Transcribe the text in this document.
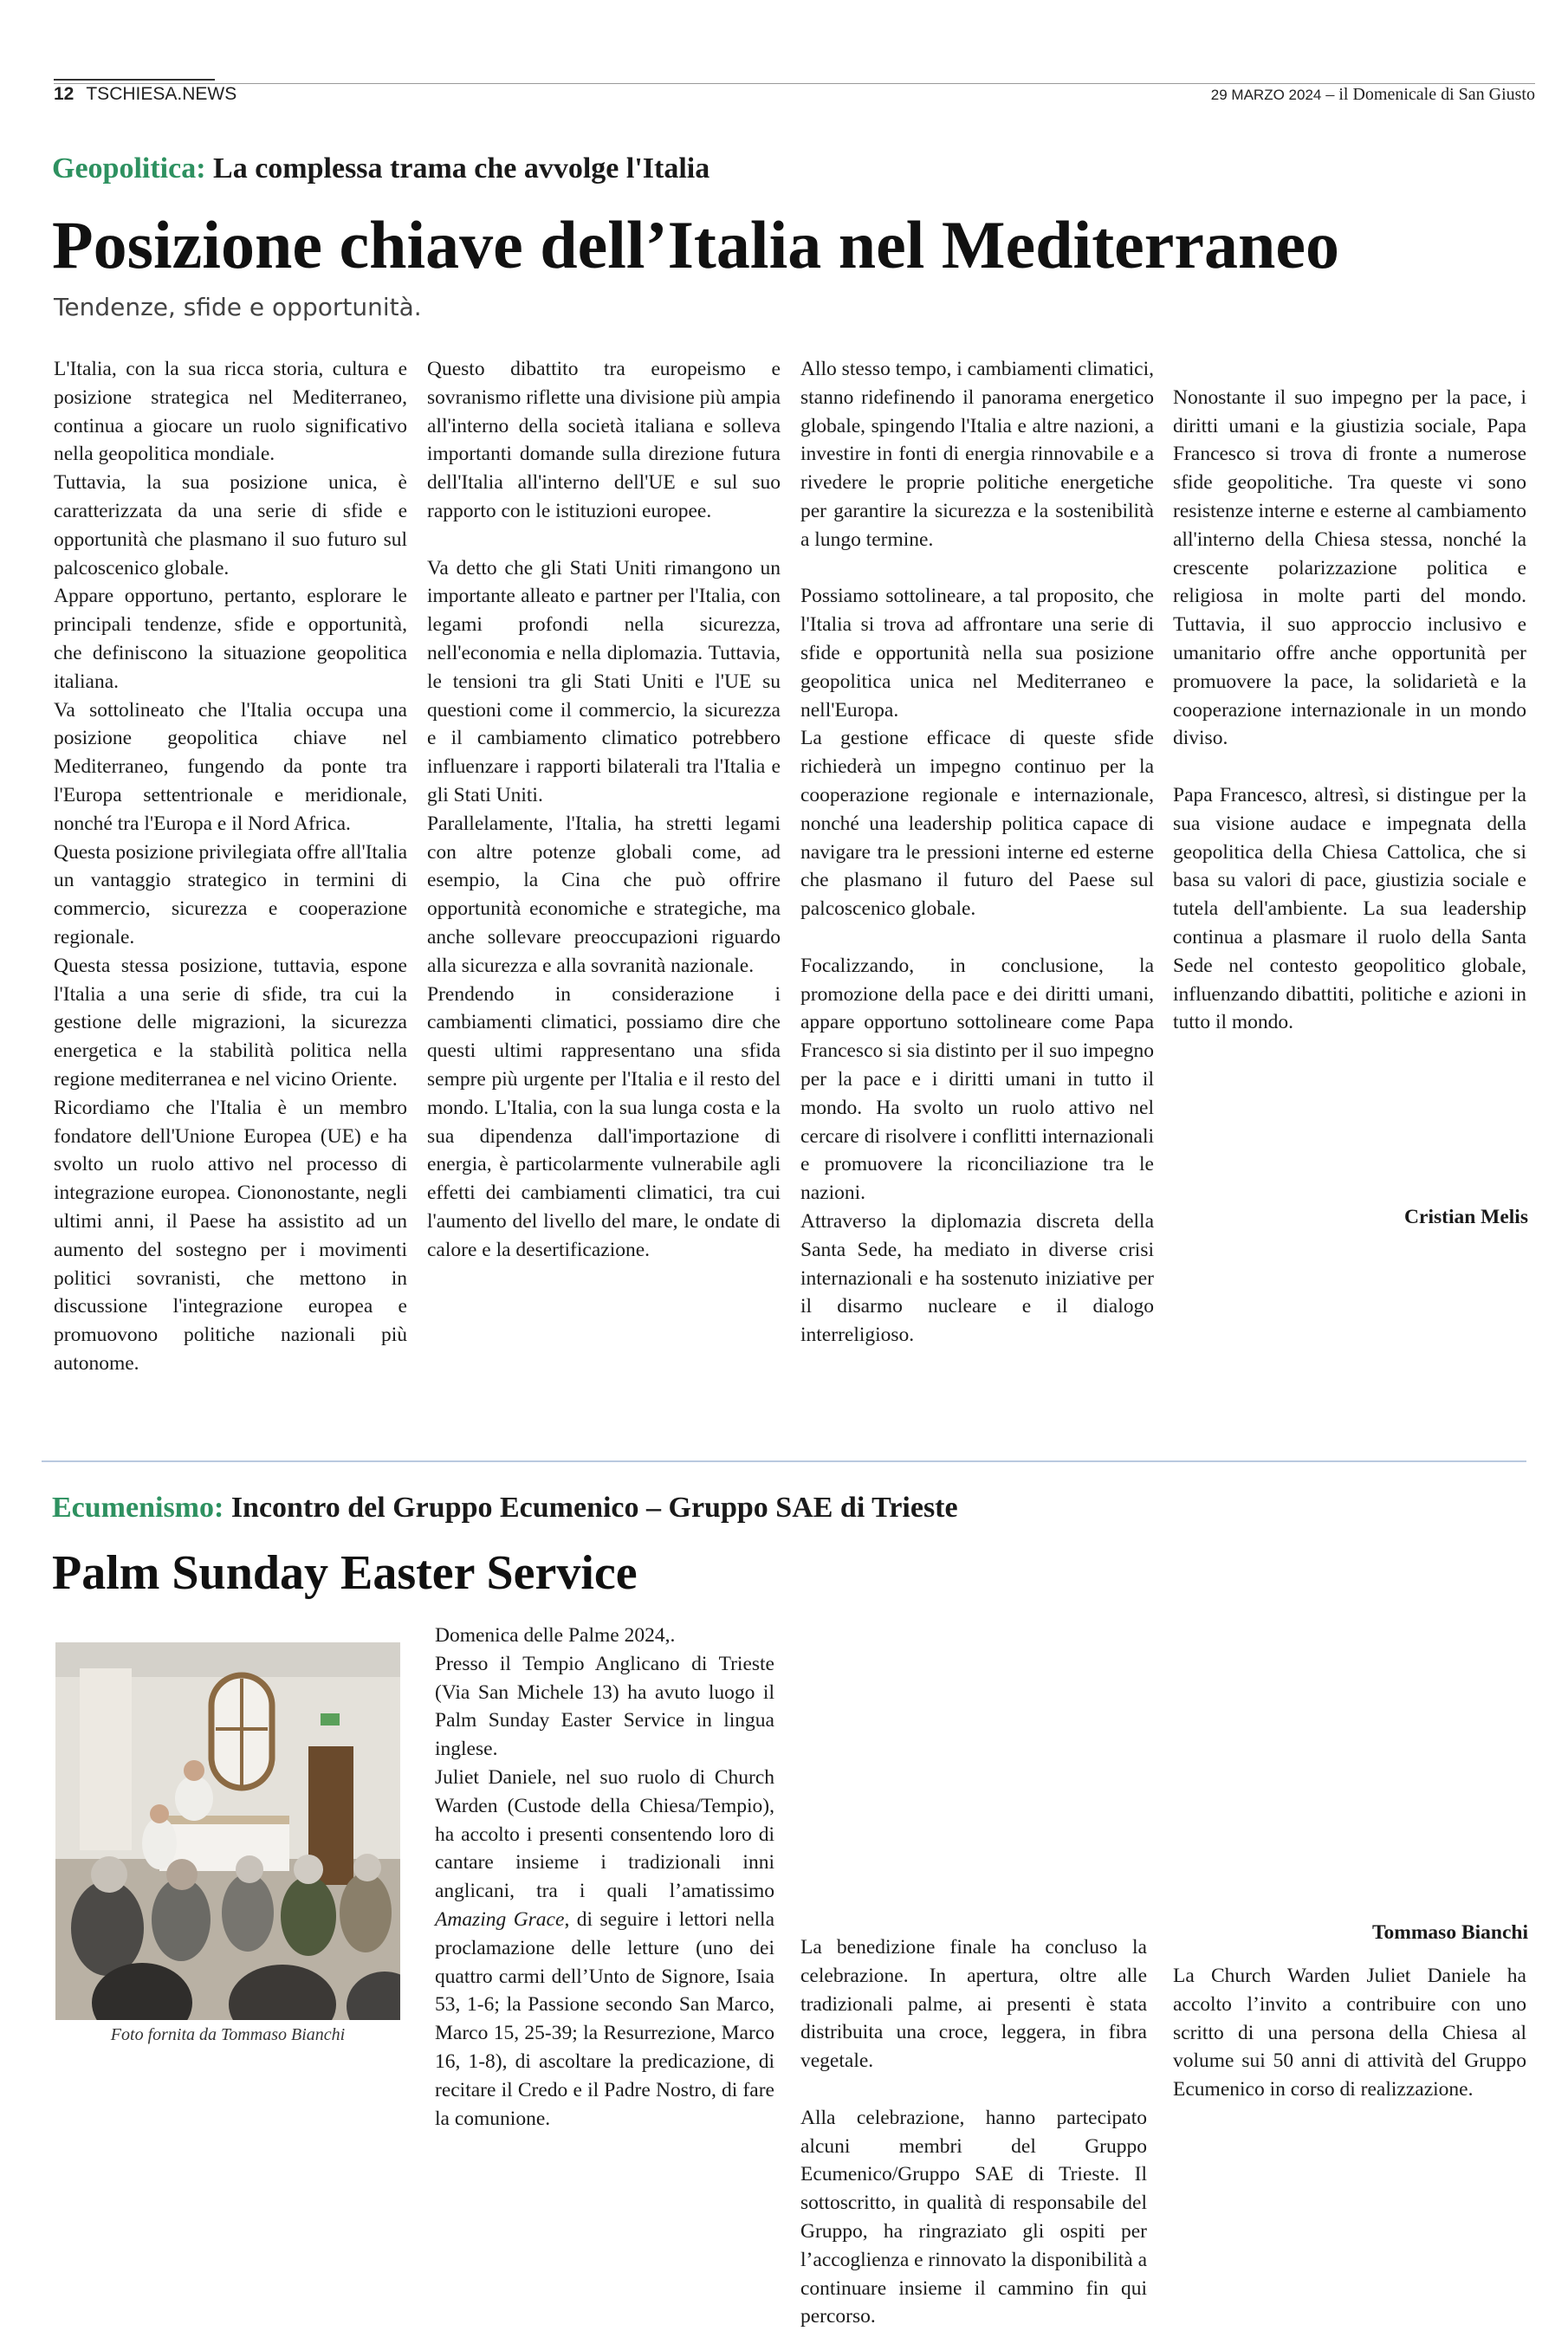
12 TSCHIESA.NEWS	29 MARZO 2024 – il Domenicale di San Giusto
Geopolitica: La complessa trama che avvolge l'Italia
Posizione chiave dell’Italia nel Mediterraneo
Tendenze, sfide e opportunità.

L'Italia, con la sua ricca storia, cultura e posizione strategica nel Mediterraneo, continua a giocare un ruolo significativo nella geopolitica mondiale.

Tuttavia, la sua posizione unica, è caratterizzata da una serie di sfide e opportunità che plasmano il suo futuro sul palcoscenico globale.

Appare opportuno, pertanto, esplorare le principali tendenze, sfide e opportunità, che definiscono la situazione geopolitica italiana.

Va sottolineato che l'Italia occupa una posizione geopolitica chiave nel Mediterraneo, fungendo da ponte tra l'Europa settentrionale e meridionale, nonché tra l'Europa e il Nord Africa.

Questa posizione privilegiata offre all'Italia un vantaggio strategico in termini di commercio, sicurezza e cooperazione regionale.

Questa stessa posizione, tuttavia, espone l'Italia a una serie di sfide, tra cui la gestione delle migrazioni, la sicurezza energetica e la stabilità politica nella regione mediterranea e nel vicino Oriente.

Ricordiamo che l'Italia è un membro fondatore dell'Unione Europea (UE) e ha svolto un ruolo attivo nel processo di integrazione europea. Ciononostante, negli ultimi anni, il Paese ha assistito ad un aumento del sostegno per i movimenti politici sovranisti, che mettono in discussione l'integrazione europea e promuovono politiche nazionali più autonome.

Questo dibattito tra europeismo e sovranismo riflette una divisione più ampia all'interno della società italiana e solleva importanti domande sulla direzione futura dell'Italia all'interno dell'UE e sul suo rapporto con le istituzioni europee.

Va detto che gli Stati Uniti rimangono un importante alleato e partner per l'Italia, con legami profondi nella sicurezza, nell'economia e nella diplomazia. Tuttavia, le tensioni tra gli Stati Uniti e l'UE su questioni come il commercio, la sicurezza e il cambiamento climatico potrebbero influenzare i rapporti bilaterali tra l'Italia e gli Stati Uniti.

Parallelamente, l'Italia, ha stretti legami con altre potenze globali come, ad esempio, la Cina che può offrire opportunità economiche e strategiche, ma anche sollevare preoccupazioni riguardo alla sicurezza e alla sovranità nazionale.

Prendendo in considerazione i cambiamenti climatici, possiamo dire che questi ultimi rappresentano una sfida sempre più urgente per l'Italia e il resto del mondo. L'Italia, con la sua lunga costa e la sua dipendenza dall'importazione di energia, è particolarmente vulnerabile agli effetti dei cambiamenti climatici, tra cui l'aumento del livello del mare, le ondate di calore e la desertificazione.

Allo stesso tempo, i cambiamenti climatici, stanno ridefinendo il panorama energetico globale, spingendo l'Italia e altre nazioni, a investire in fonti di energia rinnovabile e a rivedere le proprie politiche energetiche per garantire la sicurezza e la sostenibilità a lungo termine.

Possiamo sottolineare, a tal proposito, che l'Italia si trova ad affrontare una serie di sfide e opportunità nella sua posizione geopolitica unica nel Mediterraneo e nell'Europa.

La gestione efficace di queste sfide richiederà un impegno continuo per la cooperazione regionale e internazionale, nonché una leadership politica capace di navigare tra le pressioni interne ed esterne che plasmano il futuro del Paese sul palcoscenico globale.

Focalizzando, in conclusione, la promozione della pace e dei diritti umani, appare opportuno sottolineare come Papa Francesco si sia distinto per il suo impegno per la pace e i diritti umani in tutto il mondo. Ha svolto un ruolo attivo nel cercare di risolvere i conflitti internazionali e promuovere la riconciliazione tra le nazioni.

Attraverso la diplomazia discreta della Santa Sede, ha mediato in diverse crisi internazionali e ha sostenuto iniziative per il disarmo nucleare e il dialogo interreligioso.

Nonostante il suo impegno per la pace, i diritti umani e la giustizia sociale, Papa Francesco si trova di fronte a numerose sfide geopolitiche. Tra queste vi sono resistenze interne e esterne al cambiamento all'interno della Chiesa stessa, nonché la crescente polarizzazione politica e religiosa in molte parti del mondo. Tuttavia, il suo approccio inclusivo e umanitario offre anche opportunità per promuovere la pace, la solidarietà e la cooperazione internazionale in un mondo diviso.

Papa Francesco, altresì, si distingue per la sua visione audace e impegnata della geopolitica della Chiesa Cattolica, che si basa su valori di pace, giustizia sociale e tutela dell'ambiente. La sua leadership continua a plasmare il ruolo della Santa Sede nel contesto geopolitico globale, influenzando dibattiti, politiche e azioni in tutto il mondo.

Cristian Melis
Ecumenismo: Incontro del Gruppo Ecumenico – Gruppo SAE di Trieste
Palm Sunday Easter Service
Foto fornita da Tommaso Bianchi

Domenica delle Palme 2024,.

Presso il Tempio Anglicano di Trieste (Via San Michele 13) ha avuto luogo il Palm Sunday Easter Service in lingua inglese.

Juliet Daniele, nel suo ruolo di Church Warden (Custode della Chiesa/Tempio), ha accolto i presenti consentendo loro di cantare insieme i tradizionali inni anglicani, tra i quali l’amatissimo Amazing Grace, di seguire i lettori nella proclamazione delle letture (uno dei quattro carmi dell’Unto de Signore, Isaia 53, 1-6; la Passione secondo San Marco, Marco 15, 25-39; la Resurrezione, Marco 16, 1-8), di ascoltare la predicazione, di recitare il Credo e il Padre Nostro, di fare la comunione.

La benedizione finale ha concluso la celebrazione. In apertura, oltre alle tradizionali palme, ai presenti è stata distribuita una croce, leggera, in fibra vegetale.

Alla celebrazione, hanno partecipato alcuni membri del Gruppo Ecumenico/Gruppo SAE di Trieste. Il sottoscritto, in qualità di responsabile del Gruppo, ha ringraziato gli ospiti per l’accoglienza e rinnovato la disponibilità a continuare insieme il cammino fin qui percorso.

La Church Warden Juliet Daniele ha accolto l’invito a contribuire con uno scritto di una persona della Chiesa al volume sui 50 anni di attività del Gruppo Ecumenico in corso di realizzazione.

Tommaso Bianchi
